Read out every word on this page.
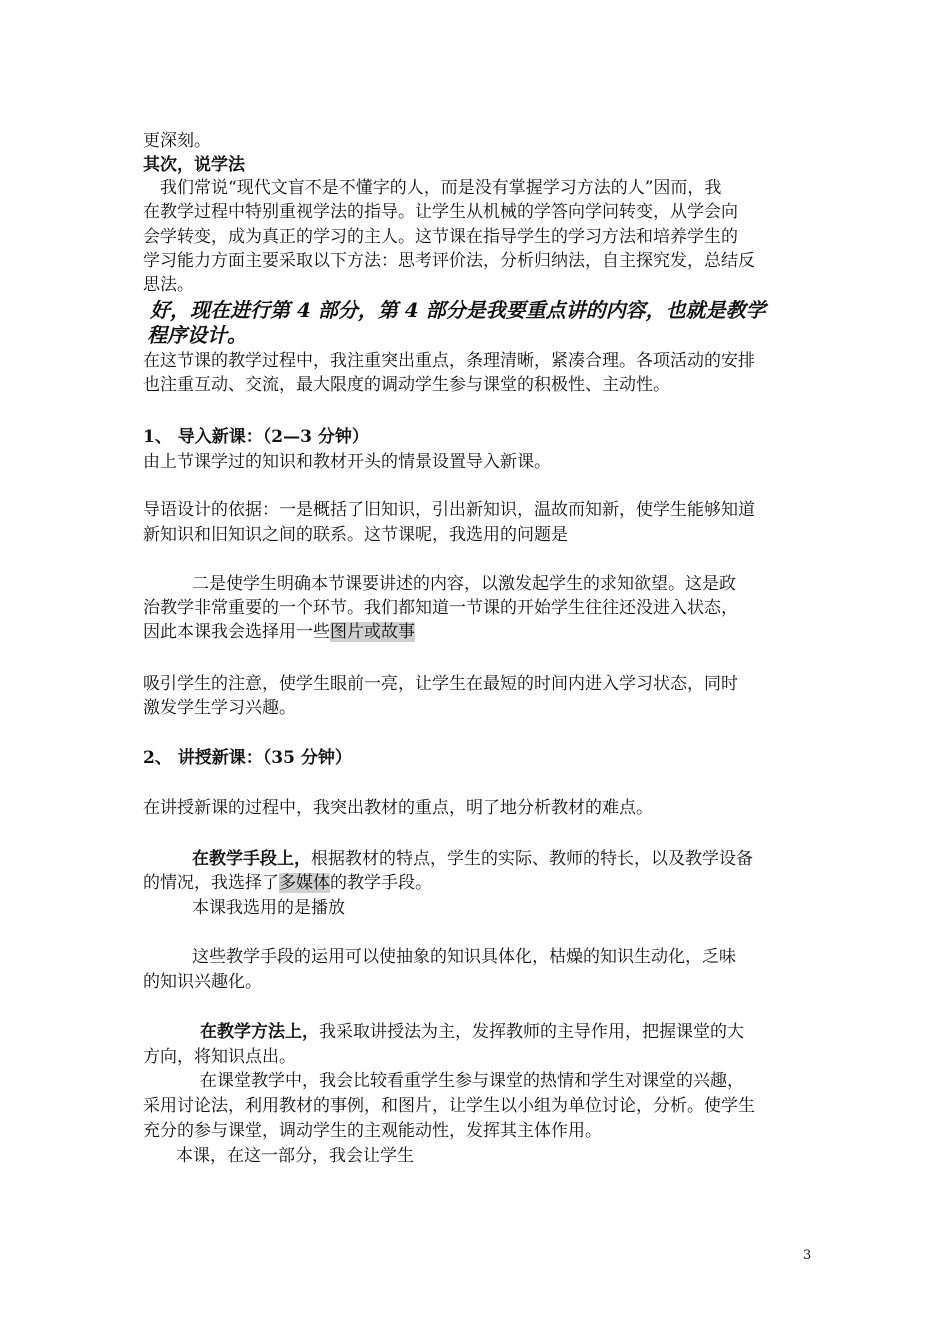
更深刻。
其次，说学法
我们常说“现代文盲不是不懂字的人，而是没有掌握学习方法的人”因而，我
在教学过程中特别重视学法的指导。让学生从机械的学答向学问转变，从学会向
会学转变，成为真正的学习的主人。这节课在指导学生的学习方法和培养学生的
学习能力方面主要采取以下方法：思考评价法，分析归纳法，自主探究发，总结反
思法。
好，现在进行第 4 部分，第 4 部分是我要重点讲的内容，也就是教学
程序设计。
在这节课的教学过程中，我注重突出重点，条理清晰，紧凑合理。各项活动的安排
也注重互动、交流，最大限度的调动学生参与课堂的积极性、主动性。
1、 导入新课：（2—3 分钟）
由上节课学过的知识和教材开头的情景设置导入新课。
导语设计的依据：一是概括了旧知识，引出新知识，温故而知新，使学生能够知道
新知识和旧知识之间的联系。这节课呢，我选用的问题是
二是使学生明确本节课要讲述的内容，以激发起学生的求知欲望。这是政
治教学非常重要的一个环节。我们都知道一节课的开始学生往往还没进入状态，
因此本课我会选择用一些图片或故事
吸引学生的注意，使学生眼前一亮，让学生在最短的时间内进入学习状态，同时
激发学生学习兴趣。
2、 讲授新课：（35 分钟）
在讲授新课的过程中，我突出教材的重点，明了地分析教材的难点。
在教学手段上，根据教材的特点，学生的实际、教师的特长，以及教学设备
的情况，我选择了多媒体的教学手段。
本课我选用的是播放
这些教学手段的运用可以使抽象的知识具体化，枯燥的知识生动化，乏味
的知识兴趣化。
在教学方法上，我采取讲授法为主，发挥教师的主导作用，把握课堂的大
方向，将知识点出。
在课堂教学中，我会比较看重学生参与课堂的热情和学生对课堂的兴趣，
采用讨论法，利用教材的事例，和图片，让学生以小组为单位讨论，分析。使学生
充分的参与课堂，调动学生的主观能动性，发挥其主体作用。
本课，在这一部分，我会让学生
3
